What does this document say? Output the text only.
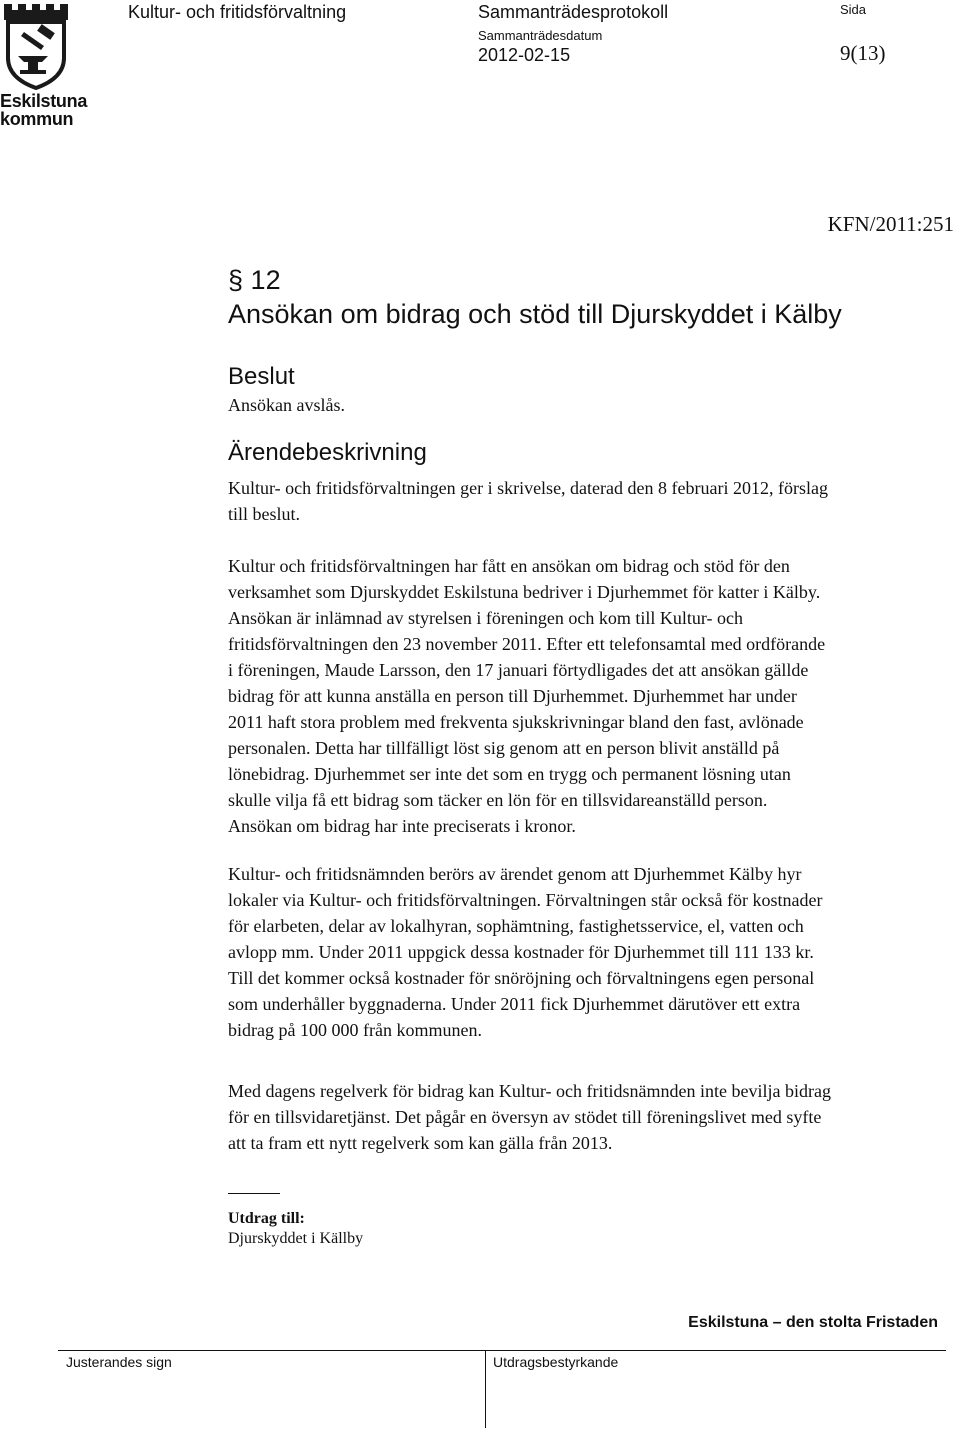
Eskilstuna
kommun
Kultur- och fritidsförvaltning	Sammanträdesprotokoll
Sammanträdesdatum
2012-02-15
Sida
9(13)
KFN/2011:251
§ 12
Ansökan om bidrag och stöd till Djurskyddet i Kälby
Beslut
Ansökan avslås.
Ärendebeskrivning
Kultur- och fritidsförvaltningen ger i skrivelse, daterad den 8 februari 2012, förslag
till beslut.
Kultur och fritidsförvaltningen har fått en ansökan om bidrag och stöd för den
verksamhet som Djurskyddet Eskilstuna bedriver i Djurhemmet för katter i Kälby.
Ansökan är inlämnad av styrelsen i föreningen och kom till Kultur- och
fritidsförvaltningen den 23 november 2011. Efter ett telefonsamtal med ordförande
i föreningen, Maude Larsson, den 17 januari förtydligades det att ansökan gällde
bidrag för att kunna anställa en person till Djurhemmet. Djurhemmet har under
2011 haft stora problem med frekventa sjukskrivningar bland den fast, avlönade
personalen. Detta har tillfälligt löst sig genom att en person blivit anställd på
lönebidrag. Djurhemmet ser inte det som en trygg och permanent lösning utan
skulle vilja få ett bidrag som täcker en lön för en tillsvidareanställd person.
Ansökan om bidrag har inte preciserats i kronor.
Kultur- och fritidsnämnden berörs av ärendet genom att Djurhemmet Kälby hyr
lokaler via Kultur- och fritidsförvaltningen. Förvaltningen står också för kostnader
för elarbeten, delar av lokalhyran, sophämtning, fastighetsservice, el, vatten och
avlopp mm. Under 2011 uppgick dessa kostnader för Djurhemmet till 111 133 kr.
Till det kommer också kostnader för snöröjning och förvaltningens egen personal
som underhåller byggnaderna. Under 2011 fick Djurhemmet därutöver ett extra
bidrag på 100 000 från kommunen.
Med dagens regelverk för bidrag kan Kultur- och fritidsnämnden inte bevilja bidrag
för en tillsvidaretjänst. Det pågår en översyn av stödet till föreningslivet med syfte
att ta fram ett nytt regelverk som kan gälla från 2013.
Utdrag till:
Djurskyddet i Källby
Eskilstuna – den stolta Fristaden
Justerandes sign	Utdragsbestyrkande
